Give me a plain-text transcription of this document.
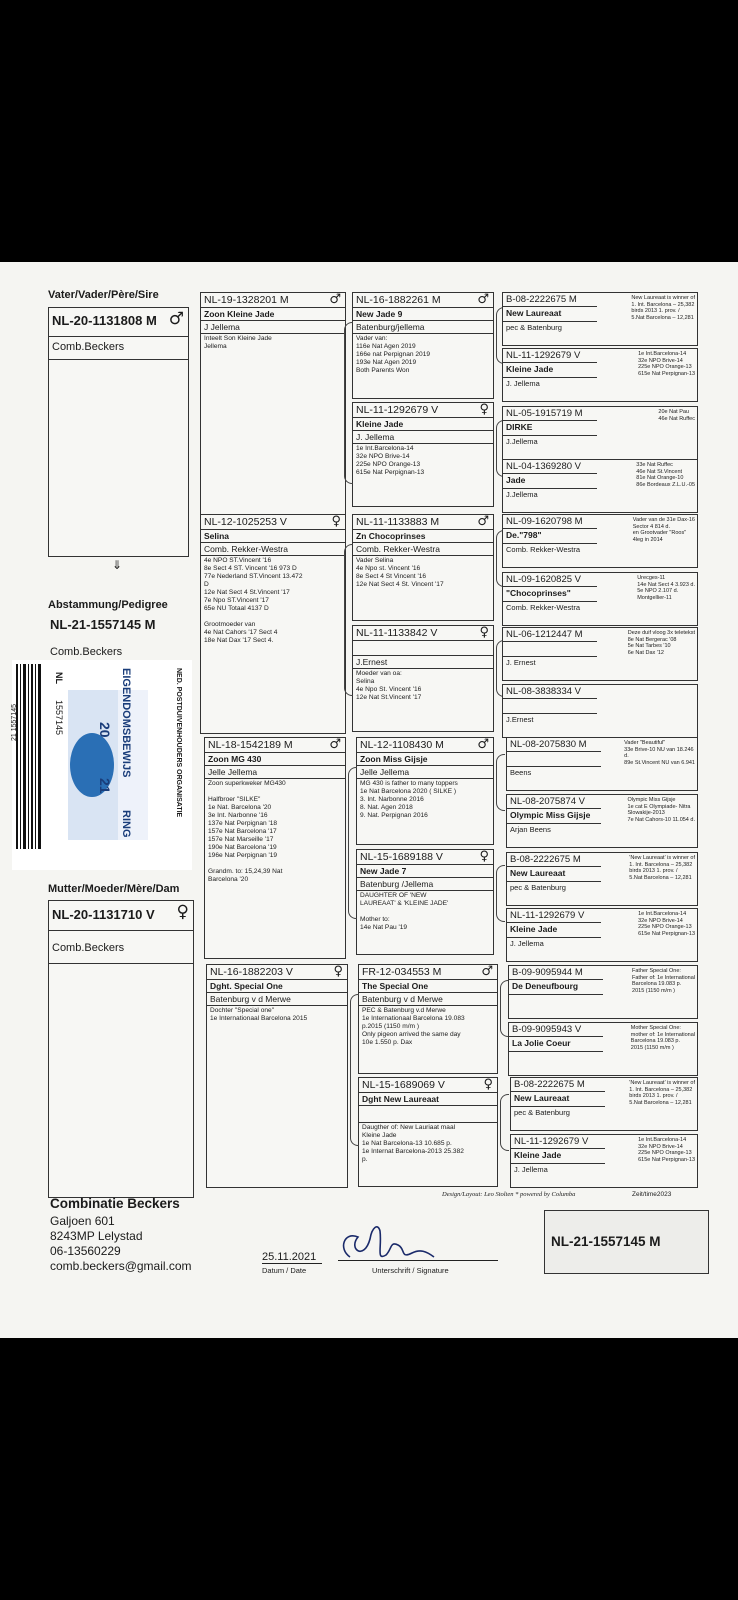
Vater/Vader/Père/Sire
NL-20-1131808 M ♂
Comb.Beckers
⇓
Abstammung/Pedigree
NL-21-1557145 M
Comb.Beckers
20
21	NED. POSTDUIVENHOUDERS ORGANISATIE
EIGENDOMSBEWIJS
RING
NL
1557145
21 1557145
Mutter/Moeder/Mère/Dam
NL-20-1131710 V ♀
Comb.Beckers
NL-19-1328201 M	♂
Zoon Kleine Jade
J Jellema
Inteelt Son Kleine Jade
Jellema
NL-12-1025253 V	♀
Selina
Comb. Rekker-Westra
4e NPO ST.Vincent '16
8e Sect 4 ST. Vincent '16 973 D
77e Nederland ST.Vincent 13.472
D
12e Nat Sect 4 St.Vincent '17
7e Npo ST.Vincent '17
65e NU Totaal 4137 D

Grootmoeder van
4e Nat Cahors '17 Sect 4
18e Nat Dax '17 Sect 4.
NL-18-1542189 M	♂
Zoon MG 430
Jelle Jellema
Zoon superkweker MG430

Halfbroer "SILKE"
1e Nat. Barcelona '20
3e Int. Narbonne '16
137e Nat Perpignan '18
157e Nat Barcelona '17
157e Nat Marseille '17
190e Nat Barcelona '19
196e Nat Perpignan '19

Grandm. to: 15,24,39 Nat
Barcelona '20
NL-16-1882203 V	♀
Dght. Special One
Batenburg v d Merwe
Dochter "Special one"
1e Internationaal Barcelona 2015
NL-16-1882261 M	♂
New Jade 9
Batenburg/jellema
Vader van:
116e Nat Agen 2019
166e nat Perpignan 2019
193e Nat Agen 2019
Both Parents Won
NL-11-1292679 V	♀
Kleine Jade
J. Jellema
1e Int.Barcelona-14
32e NPO Brive-14
225e NPO Orange-13
615e Nat Perpignan-13
NL-11-1133883 M	♂
Zn Chocoprinses
Comb. Rekker-Westra
Vader Selina
4e Npo st. Vincent '16
8e Sect 4 St Vincent '16
12e Nat Sect 4 St. Vincent '17
NL-11-1133842 V	♀
J.Ernest
Moeder van oa:
Selina
4e Npo St. Vincent '16
12e Nat St.Vincent '17
NL-12-1108430 M	♂
Zoon Miss Gijsje
Jelle Jellema
MG 430 is father to many toppers
1e Nat Barcelona 2020 ( SILKE )
3. Int. Narbonne 2016
8. Nat. Agen 2018
9. Nat. Perpignan 2016
NL-15-1689188 V	♀
New Jade 7
Batenburg /Jellema
DAUGHTER OF 'NEW
LAUREAAT' & 'KLEINE JADE'

Mother to:
14e Nat Pau '19
FR-12-034553 M	♂
The Special One
Batenburg v d Merwe
PEC & Batenburg v.d Merwe
1e Internationaal Barcelona 19.083
p.2015 (1150 m/m )
Only pigeon arrived the same day
10e 1.550 p. Dax
NL-15-1689069 V	♀
Dght New Laureaat
Daugther of: New Lauriaat maal
Kleine Jade
1e Nat Barcelona-13 10.685 p.
1e Internat Barcelona-2013 25.382
p.
B-08-2222675 M
New Laureaat
pec & Batenburg
New Laureaat is winner of
1. Int. Barcelona – 25,382
birds 2013 1. prov. /
5.Nat Barcelona – 12,281
NL-11-1292679 V
Kleine Jade
J. Jellema
1e Int.Barcelona-14
32e NPO Brive-14
225e NPO Orange-13
615e Nat Perpignan-13
NL-05-1915719 M
DIRKE
J.Jellema
20e Nat Pau
46e Nat Ruffec
NL-04-1369280 V
Jade
J.Jellema
33e Nat Ruffec
46e Nat St.Vincent
81e Nat Orange-10
86e Bordeaux Z.L.U.-05
NL-09-1620798 M
De."798"
Comb. Rekker-Westra
Vader van de 31e Dax-16
Sector 4 814 d.
en Grootvader "Roos"
4leg in 2014
NL-09-1620825 V
"Chocoprinses"
Comb. Rekker-Westra
Urecges-11
14e Nat Sect 4 3.923 d.
5e NPO 2.107 d.
Montgellier-11
NL-06-1212447 M
J. Ernest
Deze duif vloog 3x teletekst
8e Nat Bergerac '08
5e Nat Tarbes '10
6e Nat Dax '12
NL-08-3838334 V
J.Ernest
NL-08-2075830 M
Beens
Vader "Beautiful"
33e Brive-10 NU van 18.246
d.
89e St.Vincent NU van 6.941
NL-08-2075874 V
Olympic Miss Gijsje
Arjan Beens
Olympic Miss Gijsje
1e cat E Olympiade- Nitra
Slowakije-2013
7e Nat Cahors-10 11.054 d.
B-08-2222675 M
New Laureaat
pec & Batenburg
'New Laureaat' is winner of
1. Int. Barcelona – 25,382
birds 2013 1. prov. /
5.Nat Barcelona – 12,281
NL-11-1292679 V
Kleine Jade
J. Jellema
1e Int.Barcelona-14
32e NPO Brive-14
225e NPO Orange-13
615e Nat Perpignan-13
B-09-9095944 M
De Deneufbourg
Father Special One:
Father of: 1e International
Barcelona 19.083 p.
2015 (1150 m/m )
B-09-9095943 V
La Jolie Coeur
Mother Special One:
mother of: 1e International
Barcelona 19.083 p.
2015 (1150 m/m )
B-08-2222675 M
New Laureaat
pec & Batenburg
'New Laureaat' is winner of
1. Int. Barcelona – 25,382
birds 2013 1. prov. /
5.Nat Barcelona – 12,281
NL-11-1292679 V
Kleine Jade
J. Jellema
1e Int.Barcelona-14
32e NPO Brive-14
225e NPO Orange-13
615e Nat Perpignan-13
Design/Layout: Leo Stolten * powered by Columba	Zeit/time2023
Combinatie Beckers
Galjoen 601
8243MP Lelystad
06-13560229
comb.beckers@gmail.com
25.11.2021
Datum / Date	Unterschrift / Signature
NL-21-1557145 M
